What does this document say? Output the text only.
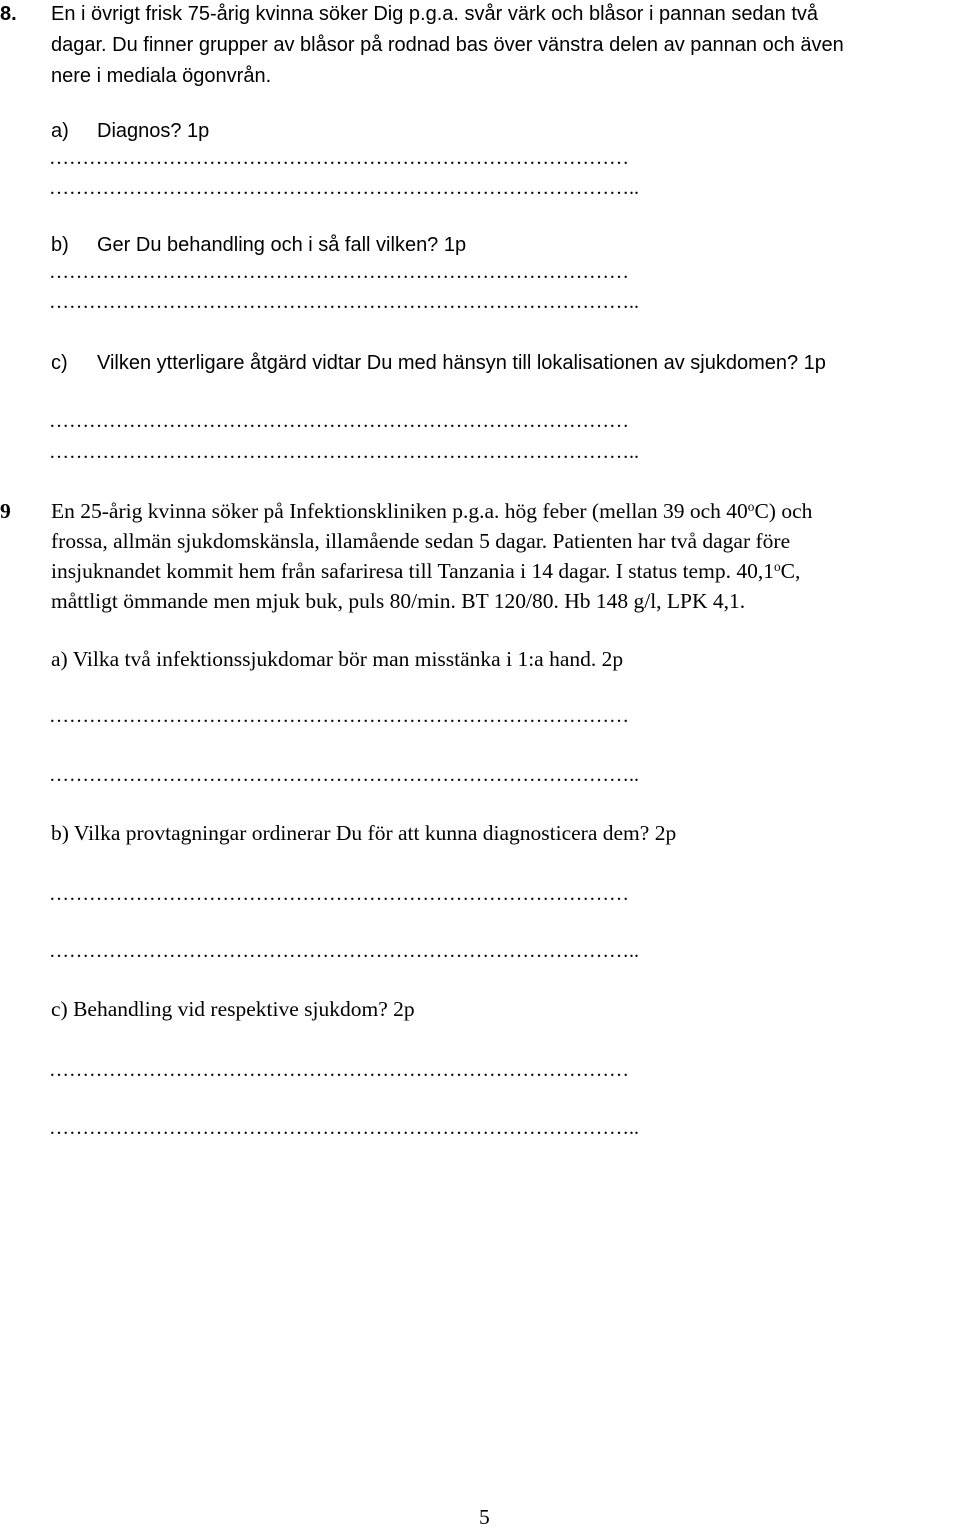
8. En i övrigt frisk 75-årig kvinna söker Dig p.g.a. svår värk och blåsor i pannan sedan två
dagar. Du finner grupper av blåsor på rodnad bas över vänstra delen av pannan och även
nere i mediala ögonvrån.
a) Diagnos? 1p
……………………………………………………………………………
……………………………………………………………………………..
b) Ger Du behandling och i så fall vilken? 1p
……………………………………………………………………………
……………………………………………………………………………..
c) Vilken ytterligare åtgärd vidtar Du med hänsyn till lokalisationen av sjukdomen? 1p
……………………………………………………………………………
……………………………………………………………………………..
9 En 25-årig kvinna söker på Infektionskliniken p.g.a. hög feber (mellan 39 och 40$^o$C) och
frossa, allmän sjukdomskänsla, illamående sedan 5 dagar. Patienten har två dagar före
insjuknandet kommit hem från safariresa till Tanzania i 14 dagar. I status temp. 40,1$^o$C,
måttligt ömmande men mjuk buk, puls 80/min. BT 120/80. Hb 148 g/l, LPK 4,1.
a) Vilka två infektionssjukdomar bör man misstänka i 1:a hand. 2p
……………………………………………………………………………
……………………………………………………………………………..
b) Vilka provtagningar ordinerar Du för att kunna diagnosticera dem? 2p
……………………………………………………………………………
……………………………………………………………………………..
c) Behandling vid respektive sjukdom? 2p
……………………………………………………………………………
……………………………………………………………………………..
5
